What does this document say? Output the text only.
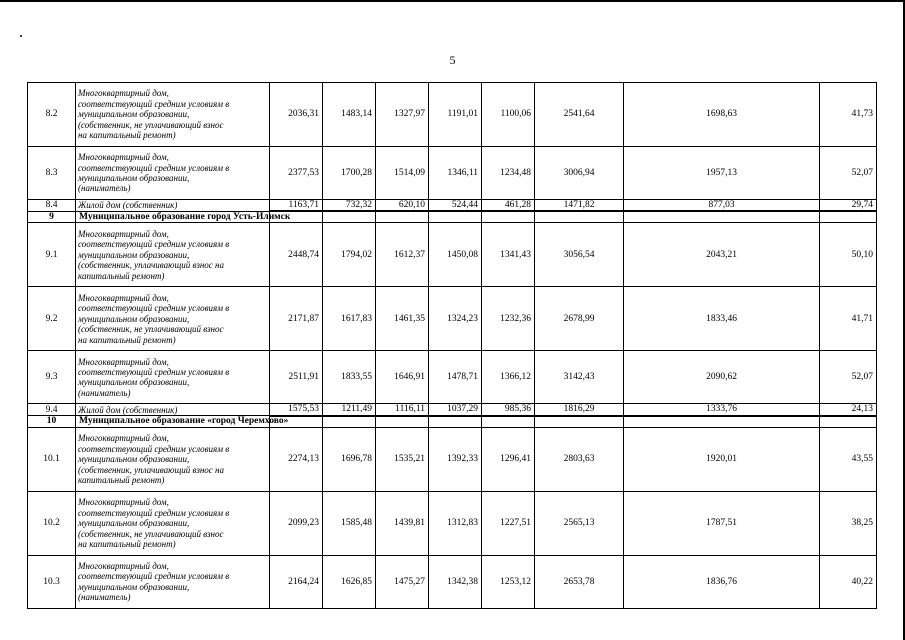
5
8.2	Многоквартирный дом,
соответствующий средним условиям в
муниципальном образовании,
(собственник, не уплачивающий взнос
на капитальный ремонт)	2036,31	1483,14	1327,97	1191,01	1100,06	2541,64	1698,63	41,73
8.3	Многоквартирный дом,
соответствующий средним условиям в
муниципальном образовании,
(наниматель)	2377,53	1700,28	1514,09	1346,11	1234,48	3006,94	1957,13	52,07
8.4	Жилой дом (собственник)	1163,71	732,32	620,10	524,44	461,28	1471,82	877,03	29,74
9	Муниципальное образование город Усть-Илимск								
9.1	Многоквартирный дом,
соответствующий средним условиям в
муниципальном образовании,
(собственник, уплачивающий взнос на
капитальный ремонт)	2448,74	1794,02	1612,37	1450,08	1341,43	3056,54	2043,21	50,10
9.2	Многоквартирный дом,
соответствующий средним условиям в
муниципальном образовании,
(собственник, не уплачивающий взнос
на капитальный ремонт)	2171,87	1617,83	1461,35	1324,23	1232,36	2678,99	1833,46	41,71
9.3	Многоквартирный дом,
соответствующий средним условиям в
муниципальном образовании,
(наниматель)	2511,91	1833,55	1646,91	1478,71	1366,12	3142,43	2090,62	52,07
9.4	Жилой дом (собственник)	1575,53	1211,49	1116,11	1037,29	985,36	1816,29	1333,76	24,13
10	Муниципальное образование «город Черемхово»								
10.1	Многоквартирный дом,
соответствующий средним условиям в
муниципальном образовании,
(собственник, уплачивающий взнос на
капитальный ремонт)	2274,13	1696,78	1535,21	1392,33	1296,41	2803,63	1920,01	43,55
10.2	Многоквартирный дом,
соответствующий средним условиям в
муниципальном образовании,
(собственник, не уплачивающий взнос
на капитальный ремонт)	2099,23	1585,48	1439,81	1312,83	1227,51	2565,13	1787,51	38,25
10.3	Многоквартирный дом,
соответствующий средним условиям в
муниципальном образовании,
(наниматель)	2164,24	1626,85	1475,27	1342,38	1253,12	2653,78	1836,76	40,22
